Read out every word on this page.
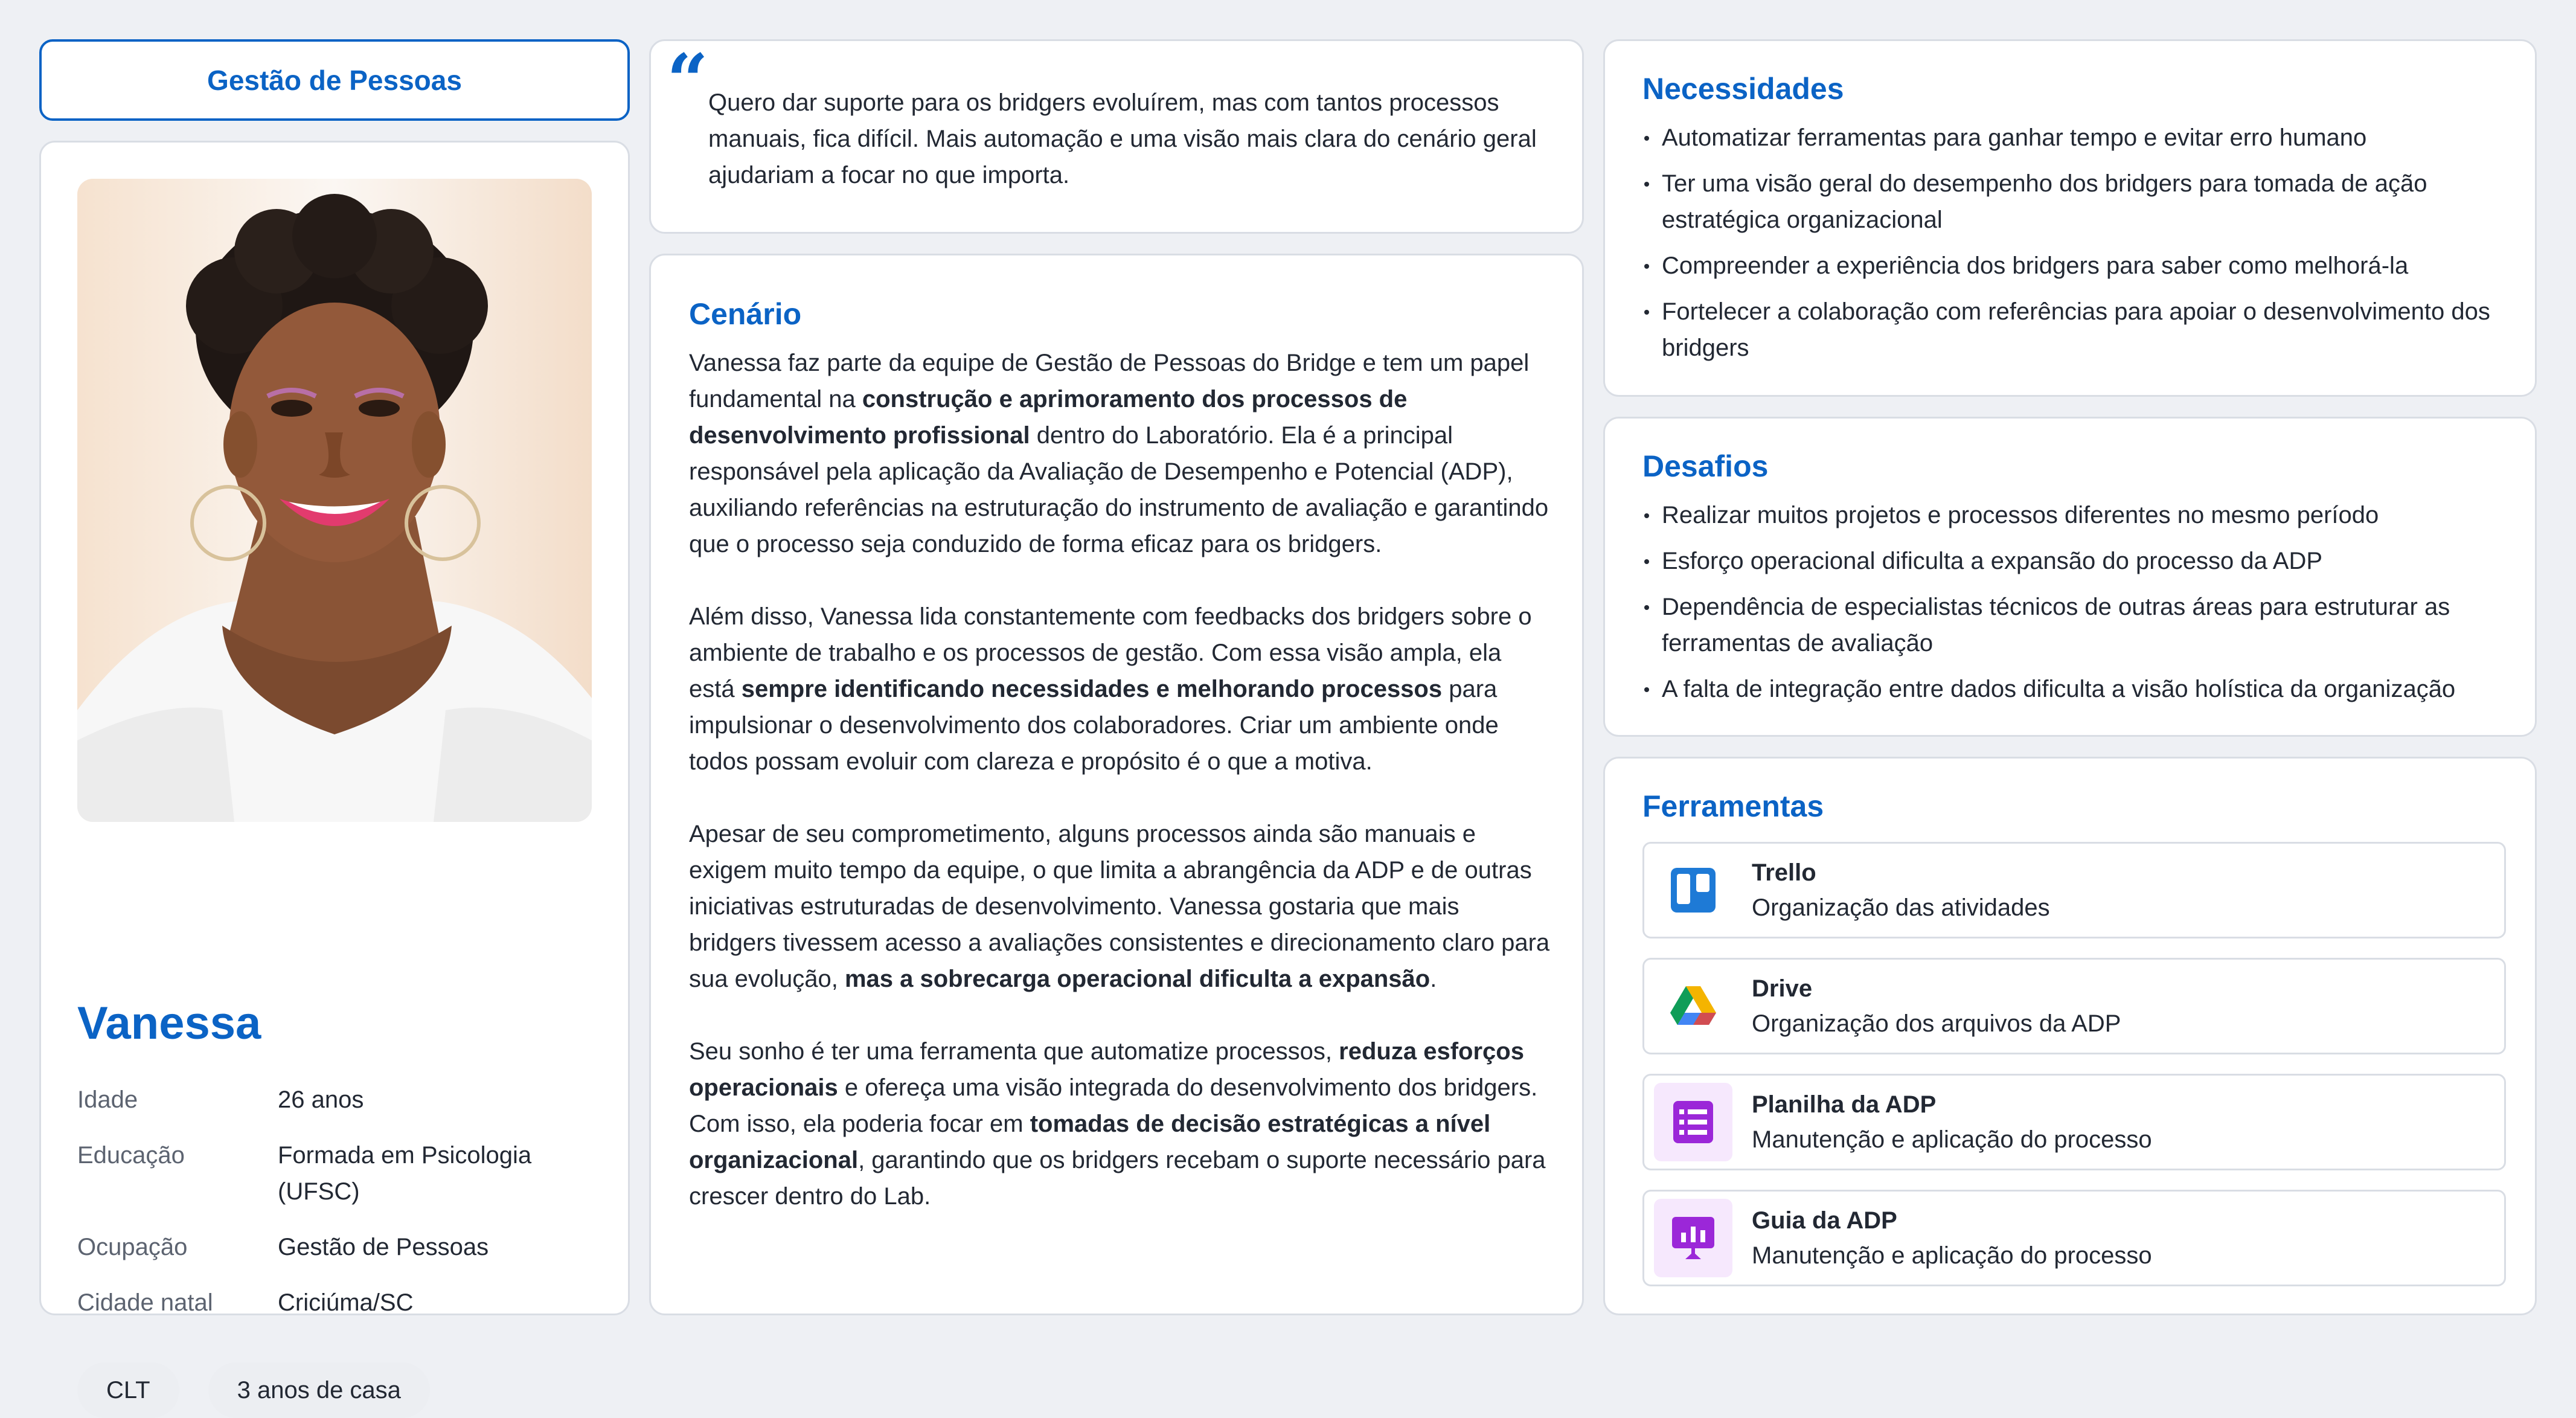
Gestão de Pessoas
Vanessa
Idade	26 anos
Educação	Formada em Psicologia (UFSC)
Ocupação	Gestão de Pessoas
Cidade natal	Criciúma/SC
CLT	3 anos de casa
“ Quero dar suporte para os bridgers evoluírem, mas com tantos processos manuais, fica difícil. Mais automação e uma visão mais clara do cenário geral ajudariam a focar no que importa.
Cenário

Vanessa faz parte da equipe de Gestão de Pessoas do Bridge e tem um papel fundamental na construção e aprimoramento dos processos de desenvolvimento profissional dentro do Laboratório. Ela é a principal responsável pela aplicação da Avaliação de Desempenho e Potencial (ADP), auxiliando referências na estruturação do instrumento de avaliação e garantindo que o processo seja conduzido de forma eficaz para os bridgers.

Além disso, Vanessa lida constantemente com feedbacks dos bridgers sobre o ambiente de trabalho e os processos de gestão. Com essa visão ampla, ela está sempre identificando necessidades e melhorando processos para impulsionar o desenvolvimento dos colaboradores. Criar um ambiente onde todos possam evoluir com clareza e propósito é o que a motiva.

Apesar de seu comprometimento, alguns processos ainda são manuais e exigem muito tempo da equipe, o que limita a abrangência da ADP e de outras iniciativas estruturadas de desenvolvimento. Vanessa gostaria que mais bridgers tivessem acesso a avaliações consistentes e direcionamento claro para sua evolução, mas a sobrecarga operacional dificulta a expansão.

Seu sonho é ter uma ferramenta que automatize processos, reduza esforços operacionais e ofereça uma visão integrada do desenvolvimento dos bridgers. Com isso, ela poderia focar em tomadas de decisão estratégicas a nível organizacional, garantindo que os bridgers recebam o suporte necessário para crescer dentro do Lab.

Necessidades
Automatizar ferramentas para ganhar tempo e evitar erro humano
Ter uma visão geral do desempenho dos bridgers para tomada de ação estratégica organizacional
Compreender a experiência dos bridgers para saber como melhorá-la
Fortelecer a colaboração com referências para apoiar o desenvolvimento dos bridgers
Desafios
Realizar muitos projetos e processos diferentes no mesmo período
Esforço operacional dificulta a expansão do processo da ADP
Dependência de especialistas técnicos de outras áreas para estruturar as ferramentas de avaliação
A falta de integração entre dados dificulta a visão holística da organização
Ferramentas
Trello
Organização das atividades
Drive
Organização dos arquivos da ADP
Planilha da ADP
Manutenção e aplicação do processo
Guia da ADP
Manutenção e aplicação do processo
